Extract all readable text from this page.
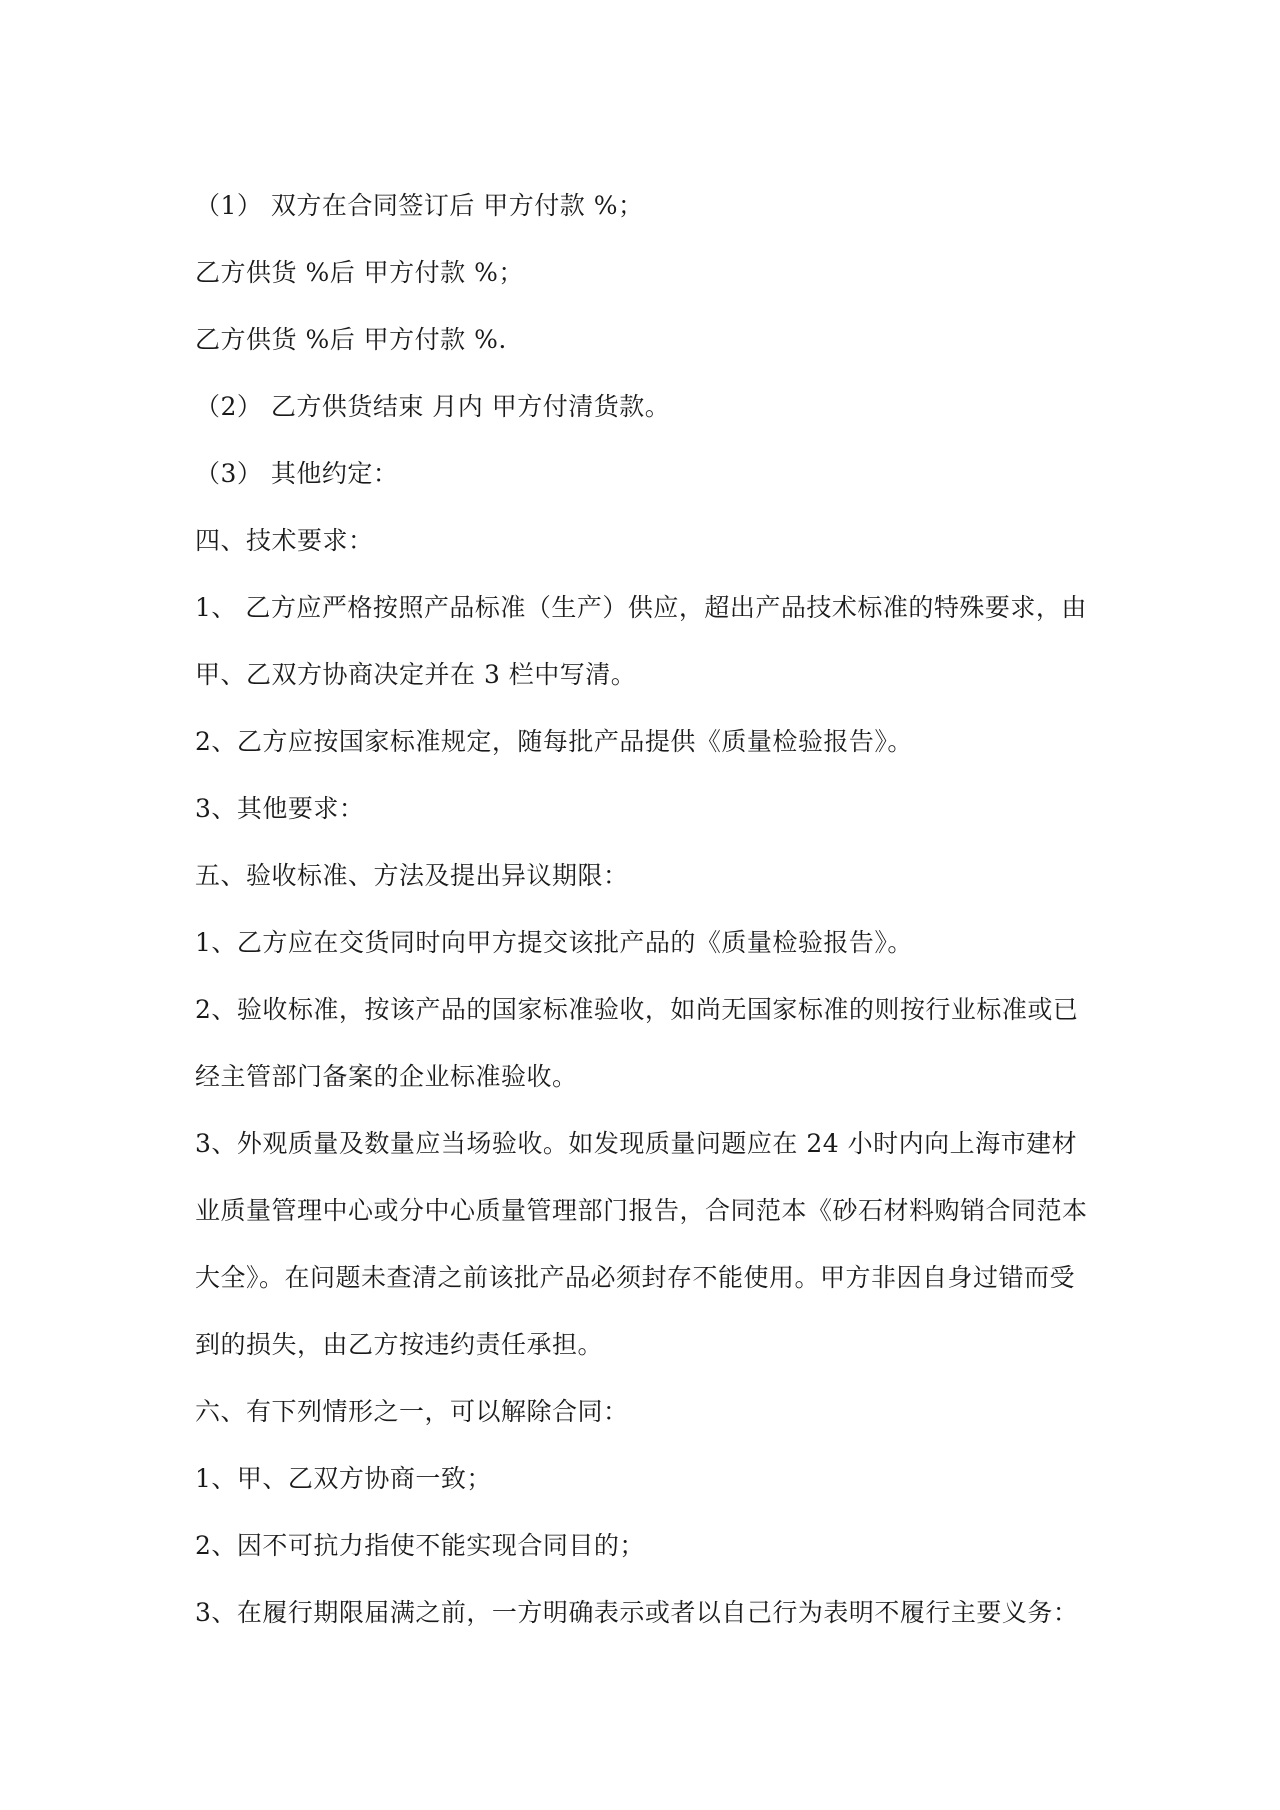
（1） 双方在合同签订后 甲方付款 %；
乙方供货 %后 甲方付款 %；
乙方供货 %后 甲方付款 %.
（2） 乙方供货结束 月内 甲方付清货款。
（3） 其他约定：
四、技术要求：
1、 乙方应严格按照产品标准（生产）供应，超出产品技术标准的特殊要求，由
甲、乙双方协商决定并在 3 栏中写清。
2、乙方应按国家标准规定，随每批产品提供《质量检验报告》。
3、其他要求：
五、验收标准、方法及提出异议期限：
1、乙方应在交货同时向甲方提交该批产品的《质量检验报告》。
2、验收标准，按该产品的国家标准验收，如尚无国家标准的则按行业标准或已
经主管部门备案的企业标准验收。
3、外观质量及数量应当场验收。如发现质量问题应在 24 小时内向上海市建材
业质量管理中心或分中心质量管理部门报告，合同范本《砂石材料购销合同范本
大全》。在问题未查清之前该批产品必须封存不能使用。甲方非因自身过错而受
到的损失，由乙方按违约责任承担。
六、有下列情形之一，可以解除合同：
1、甲、乙双方协商一致；
2、因不可抗力指使不能实现合同目的；
3、在履行期限届满之前，一方明确表示或者以自己行为表明不履行主要义务：
